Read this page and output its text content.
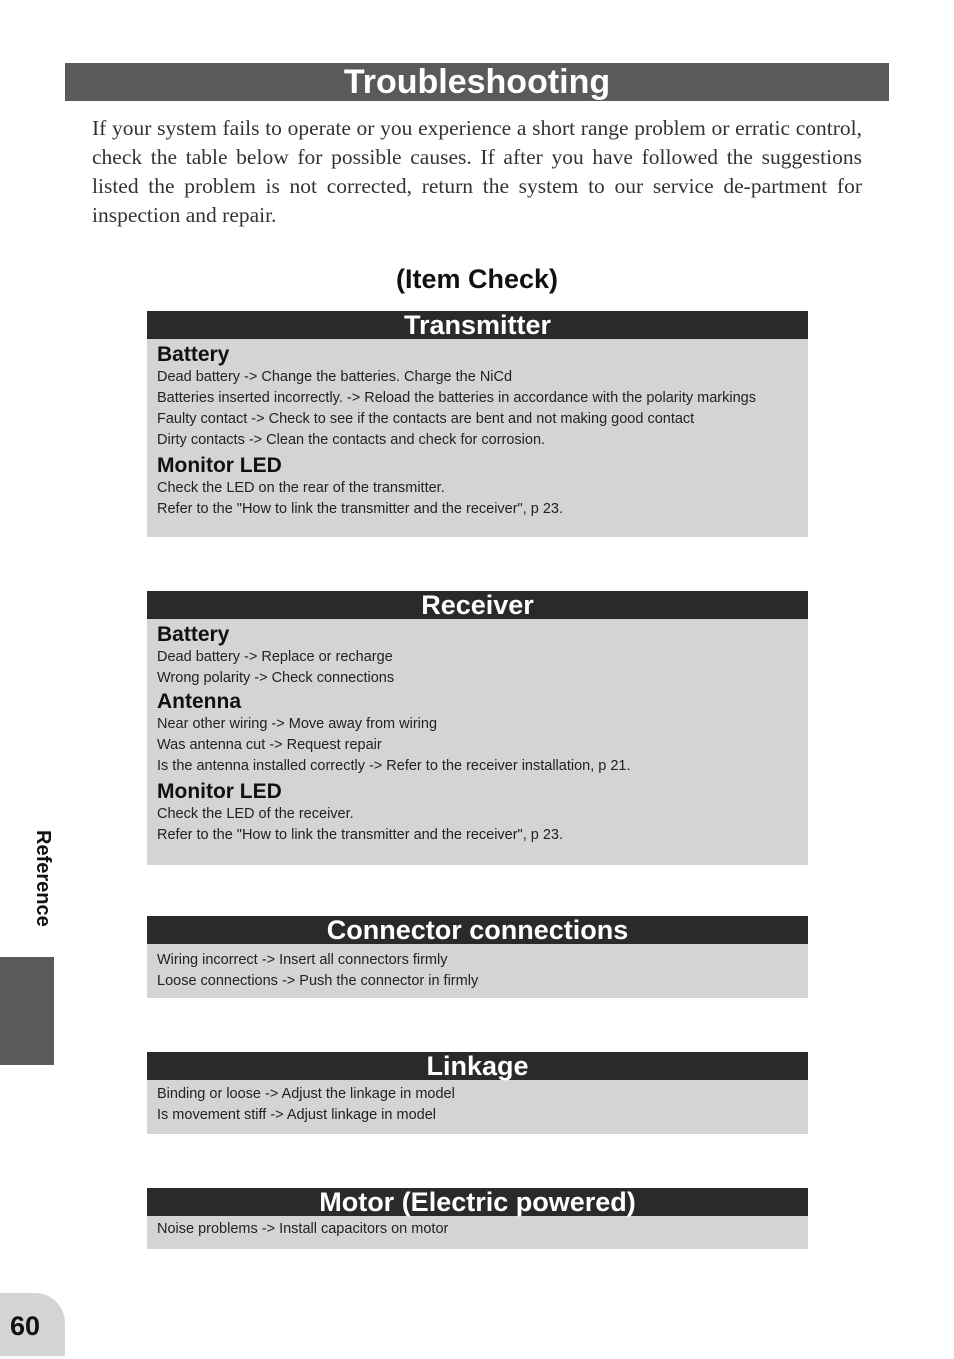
Troubleshooting

If your system fails to operate or you experience a short range problem or erratic control, check the table below for possible causes. If after you have followed the suggestions listed the problem is not corrected, return the system to our service de-partment for inspection and repair.

(Item Check)
Transmitter
Battery
Dead battery -> Change the batteries. Charge the NiCd
Batteries inserted incorrectly. -> Reload the batteries in accordance with the polarity markings
Faulty contact -> Check to see if the contacts are bent and not making good contact
Dirty contacts -> Clean the contacts and check for corrosion.
Monitor LED
Check the LED on the rear of the transmitter.
Refer to the "How to link the transmitter and the receiver", p 23.
Receiver
Battery
Dead battery -> Replace or recharge
Wrong polarity -> Check connections
Antenna
Near other wiring -> Move away from wiring
Was antenna cut -> Request repair
Is the antenna installed correctly -> Refer to the receiver installation, p 21.
Monitor LED
Check the LED of the receiver.
Refer to the "How to link the transmitter and the receiver", p 23.
Connector connections
Wiring incorrect -> Insert all connectors firmly
Loose connections -> Push the connector in firmly
Linkage
Binding or loose -> Adjust the linkage in model
Is movement stiff -> Adjust linkage in model
Motor (Electric powered)
Noise problems -> Install capacitors on motor
Reference
60
